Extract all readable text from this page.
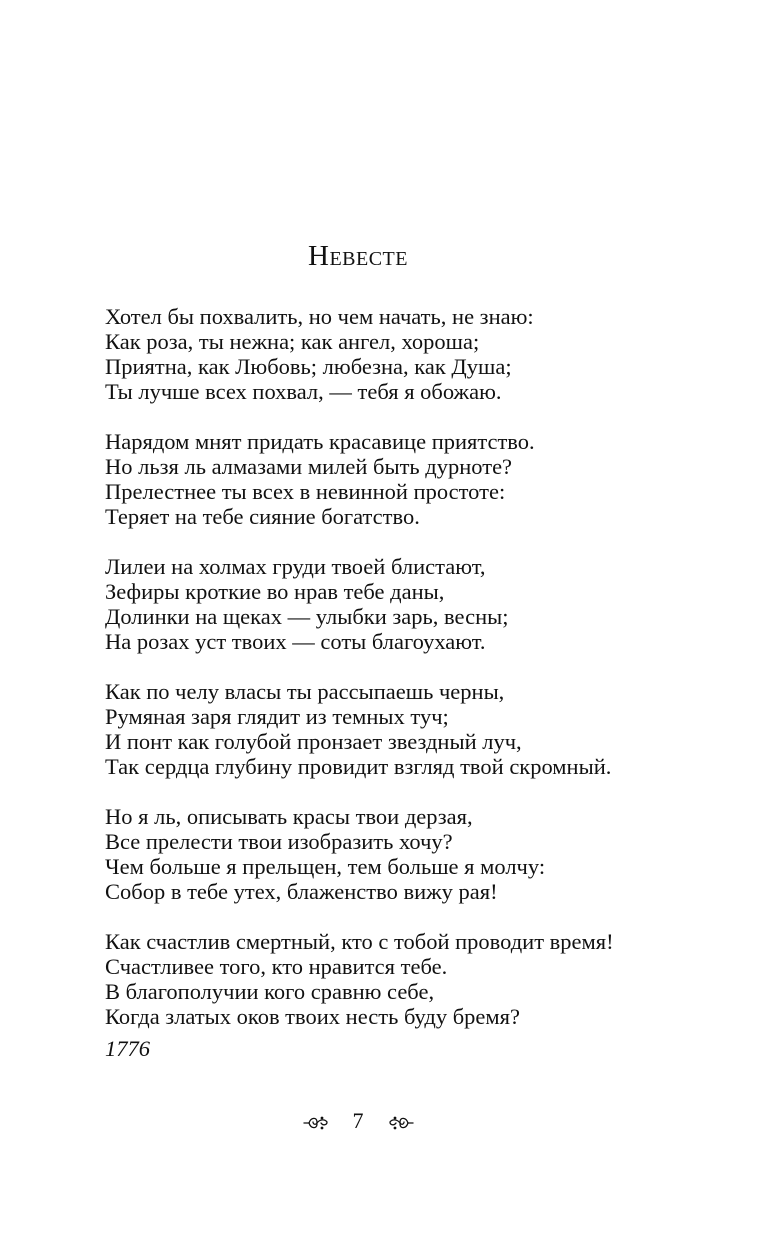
Невесте
Хотел бы похвалить, но чем начать, не знаю:
Как роза, ты нежна; как ангел, хороша;
Приятна, как Любовь; любезна, как Душа;
Ты лучше всех похвал, — тебя я обожаю.
Нарядом мнят придать красавице приятство.
Но льзя ль алмазами милей быть дурноте?
Прелестнее ты всех в невинной простоте:
Теряет на тебе сияние богатство.
Лилеи на холмах груди твоей блистают,
Зефиры кроткие во нрав тебе даны,
Долинки на щеках — улыбки зарь, весны;
На розах уст твоих — соты благоухают.
Как по челу власы ты рассыпаешь черны,
Румяная заря глядит из темных туч;
И понт как голубой пронзает звездный луч,
Так сердца глубину провидит взгляд твой скромный.
Но я ль, описывать красы твои дерзая,
Все прелести твои изобразить хочу?
Чем больше я прельщен, тем больше я молчу:
Собор в тебе утех, блаженство вижу рая!
Как счастлив смертный, кто с тобой проводит время!
Счастливее того, кто нравится тебе.
В благополучии кого сравню себе,
Когда златых оков твоих несть буду бремя?
1776
7
